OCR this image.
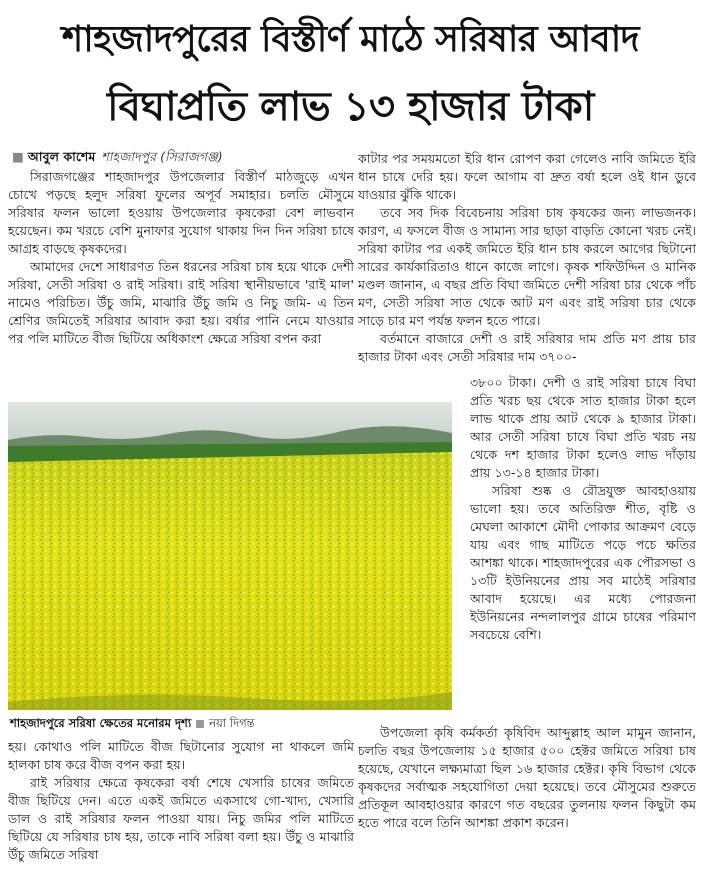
শাহজাদপুরের বিস্তীর্ণ মাঠে সরিষার আবাদ
বিঘাপ্রতি লাভ ১৩ হাজার টাকা
■ আবুল কাশেম শাহজাদপুর (সিরাজগঞ্জ)

সিরাজগঞ্জের শাহজাদপুর উপজেলার বিস্তীর্ণ মাঠজুড়ে এখন চোখে পড়ছে হলুদ সরিষা ফুলের অপূর্ব সমাহার। চলতি মৌসুমে সরিষার ফলন ভালো হওয়ায় উপজেলার কৃষকেরা বেশ লাভবান হয়েছেন। কম খরচে বেশি মুনাফার সুযোগ থাকায় দিন দিন সরিষা চাষে আগ্রহ বাড়ছে কৃষকদের।

আমাদের দেশে সাধারণত তিন ধরনের সরিষা চাষ হয়ে থাকে দেশী সরিষা, সেতী সরিষা ও রাই সরিষা। রাই সরিষা স্থানীয়ভাবে 'রাই মাল' নামেও পরিচিত। উঁচু জমি, মাঝারি উঁচু জমি ও নিচু জমি- এ তিন শ্রেণির জমিতেই সরিষার আবাদ করা হয়। বর্ষার পানি নেমে যাওয়ার পর পলি মাটিতে বীজ ছিটিয়ে অধিকাংশ ক্ষেত্রে সরিষা বপন করা

শাহজাদপুরে সরিষা ক্ষেতের মনোরম দৃশ্য নয়া দিগন্ত

হয়। কোথাও পলি মাটিতে বীজ ছিটানোর সুযোগ না থাকলে জমি হালকা চাষ করে বীজ বপন করা হয়।

রাই সরিষার ক্ষেত্রে কৃষকেরা বর্ষা শেষে খেসারি চাষের জমিতে বীজ ছিটিয়ে দেন। এতে একই জমিতে একসাথে গো-খাদ্য, খেসারি ডাল ও রাই সরিষার ফলন পাওয়া যায়। নিচু জমির পলি মাটিতে ছিটিয়ে যে সরিষার চাষ হয়, তাকে নাবি সরিষা বলা হয়। উঁচু ও মাঝারি উঁচু জমিতে সরিষা

কাটার পর সময়মতো ইরি ধান রোপণ করা গেলেও নাবি জমিতে ইরি ধান চাষে দেরি হয়। ফলে আগাম বা দ্রুত বর্ষা হলে ওই ধান ডুবে যাওয়ার ঝুঁকি থাকে।

তবে সব দিক বিবেচনায় সরিষা চাষ কৃষকের জন্য লাভজনক। কারণ, এ ফসলে বীজ ও সামান্য সার ছাড়া বাড়তি কোনো খরচ নেই। সরিষা কাটার পর একই জমিতে ইরি ধান চাষ করলে আগের ছিটানো সারের কার্যকারিতাও ধানে কাজে লাগে। কৃষক শফিউদ্দিন ও মানিক মণ্ডল জানান, এ বছর প্রতি বিঘা জমিতে দেশী সরিষা চার থেকে পাঁচ মণ, সেতী সরিষা সাত থেকে আট মণ এবং রাই সরিষা চার থেকে সাড়ে চার মণ পর্যন্ত ফলন হতে পারে।

বর্তমানে বাজারে দেশী ও রাই সরিষার দাম প্রতি মণ প্রায় চার হাজার টাকা এবং সেতী সরিষার দাম ৩৭০০-

৩৮০০ টাকা। দেশী ও রাই সরিষা চাষে বিঘা প্রতি খরচ ছয় থেকে সাত হাজার টাকা হলে লাভ থাকে প্রায় আট থেকে ৯ হাজার টাকা। আর সেতী সরিষা চাষে বিঘা প্রতি খরচ নয় থেকে দশ হাজার টাকা হলেও লাভ দাঁড়ায় প্রায় ১৩-১৪ হাজার টাকা।

সরিষা শুষ্ক ও রৌদ্রযুক্ত আবহাওয়ায় ভালো হয়। তবে অতিরিক্ত শীত, বৃষ্টি ও মেঘলা আকাশে মৌদী পোকার আক্রমণ বেড়ে যায় এবং গাছ মাটিতে পড়ে পচে ক্ষতির আশঙ্কা থাকে। শাহজাদপুরের এক পৌরসভা ও ১৩টি ইউনিয়নের প্রায় সব মাঠেই সরিষার আবাদ হয়েছে। এর মধ্যে পোরজনা ইউনিয়নের নন্দলালপুর গ্রামে চাষের পরিমাণ সবচেয়ে বেশি।

উপজেলা কৃষি কর্মকর্তা কৃষিবিদ আব্দুল্লাহ আল মামুন জানান, চলতি বছর উপজেলায় ১৫ হাজার ৫০০ হেক্টর জমিতে সরিষা চাষ হয়েছে, যেখানে লক্ষ্যমাত্রা ছিল ১৬ হাজার হেক্টর। কৃষি বিভাগ থেকে কৃষকদের সর্বাত্মক সহযোগিতা দেয়া হয়েছে। তবে মৌসুমের শুরুতে প্রতিকূল আবহাওয়ার কারণে গত বছরের তুলনায় ফলন কিছুটা কম হতে পারে বলে তিনি আশঙ্কা প্রকাশ করেন।
